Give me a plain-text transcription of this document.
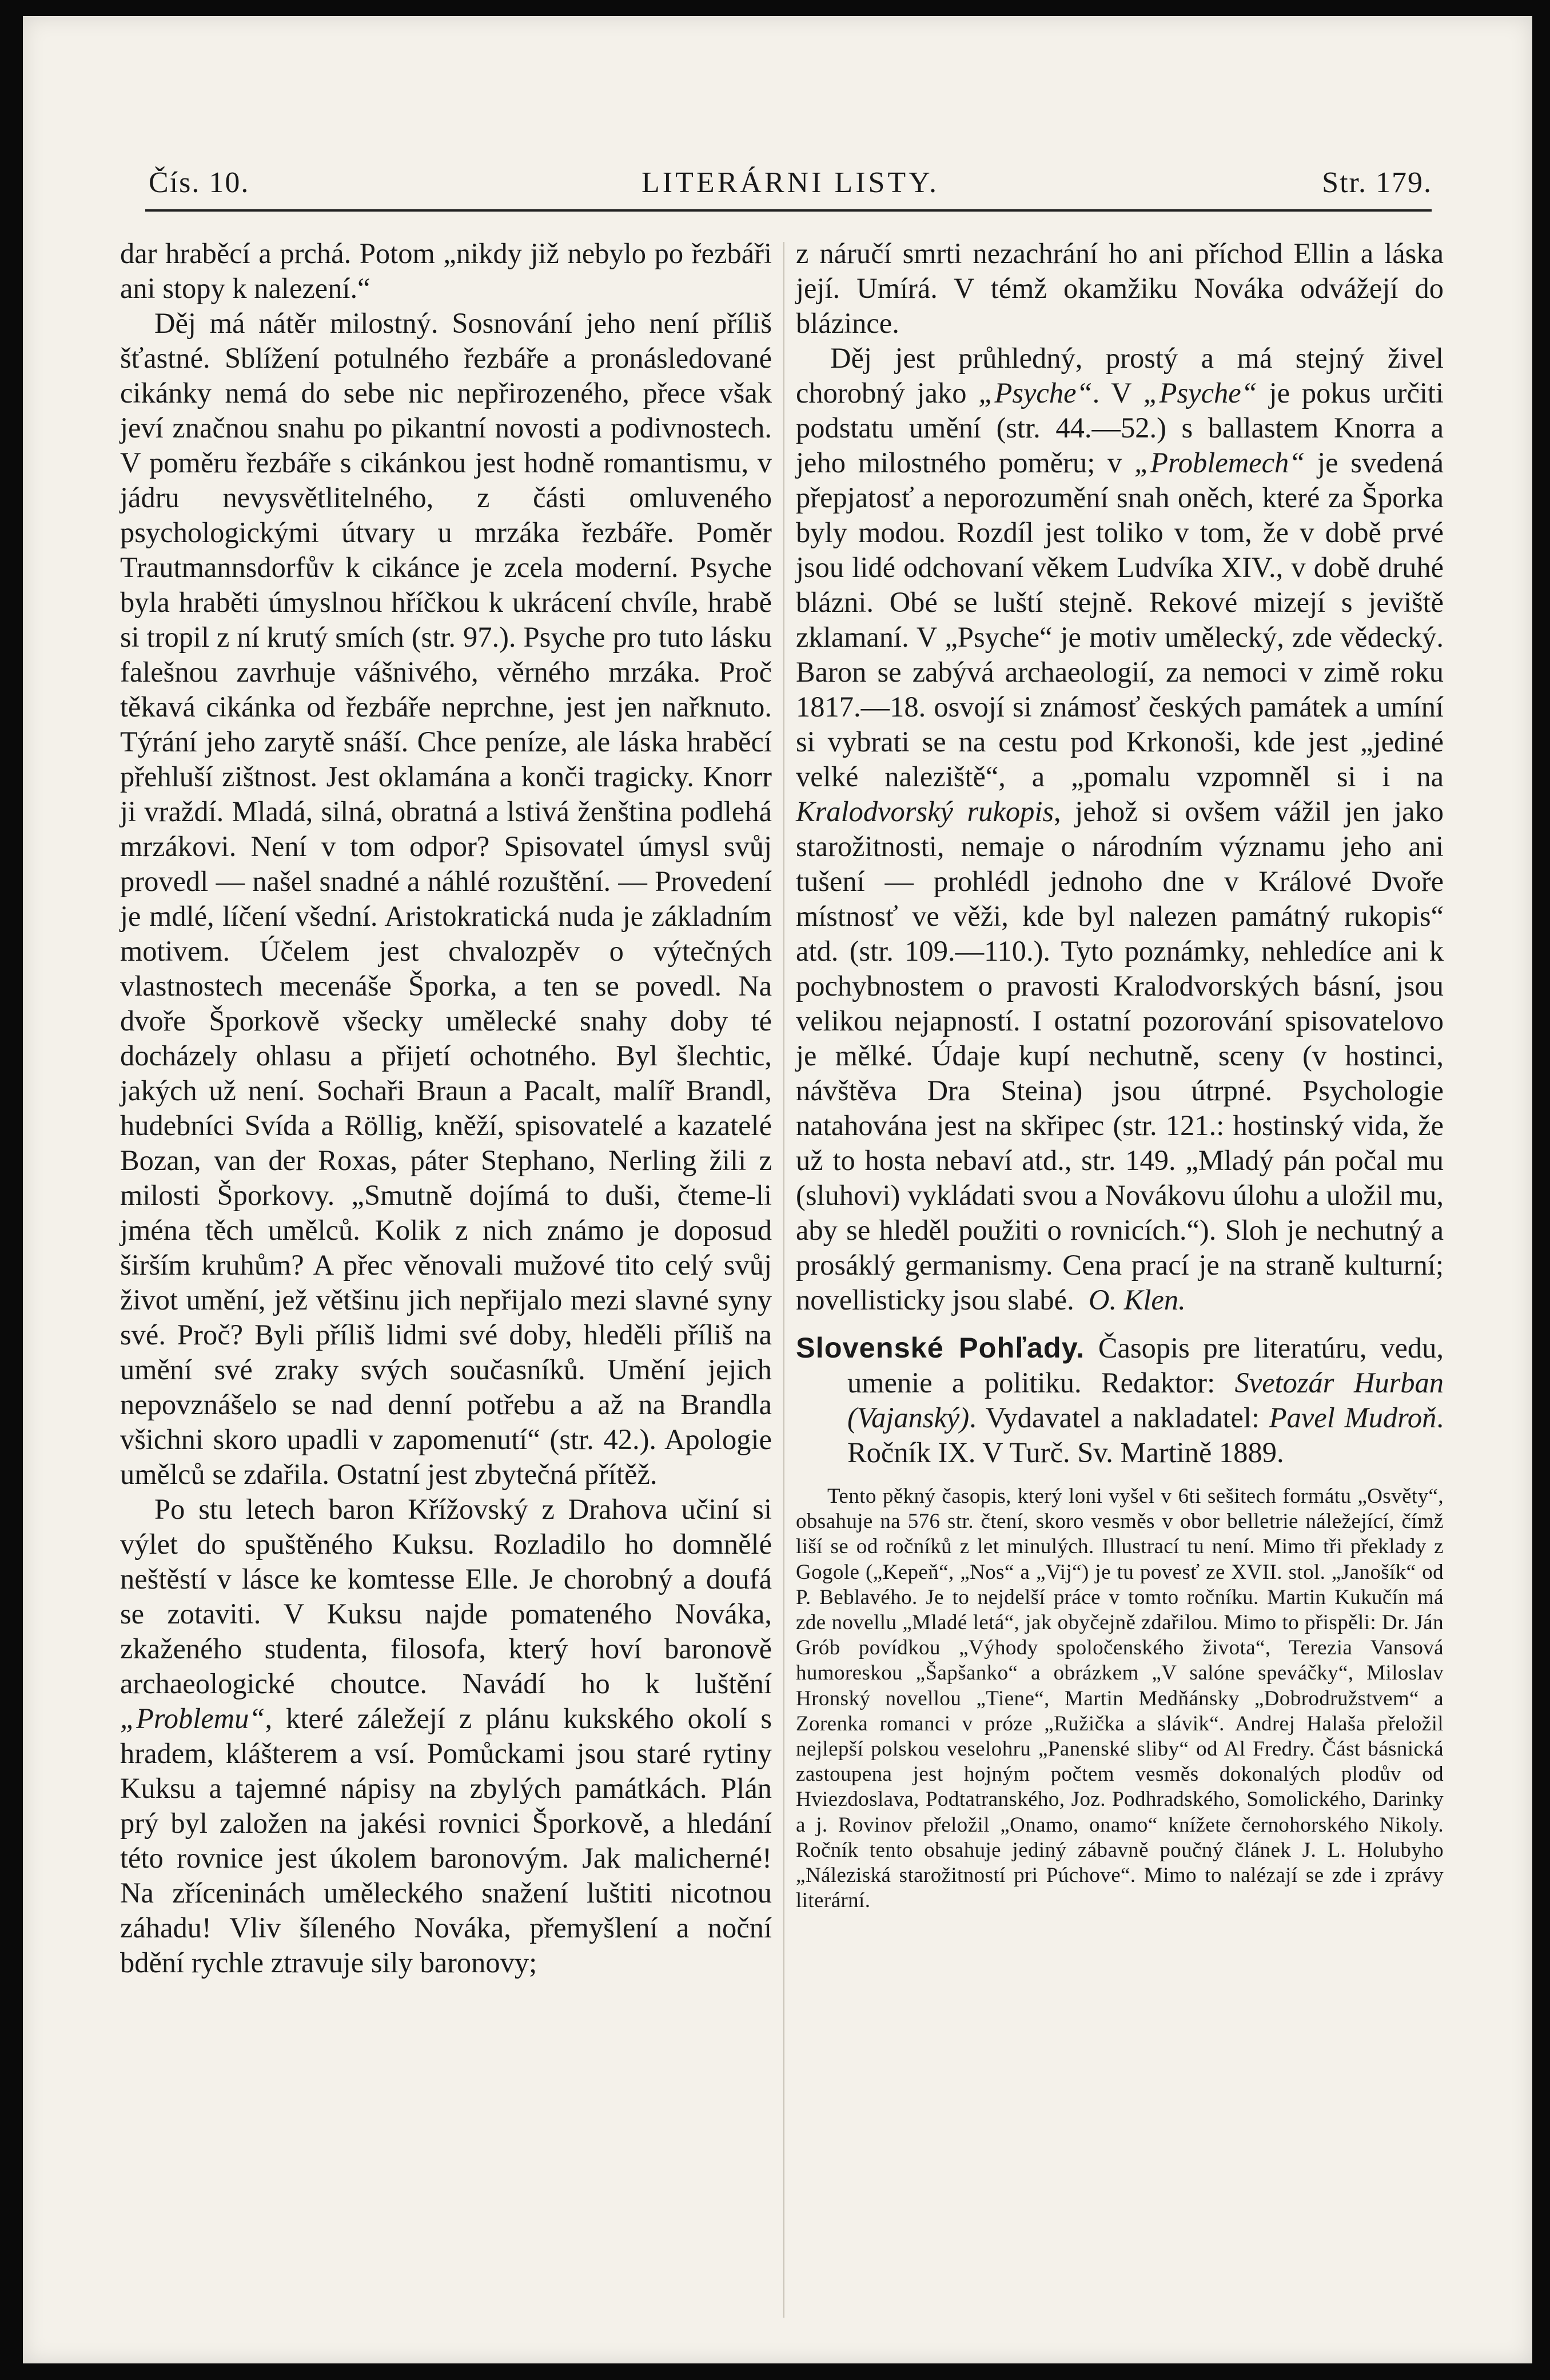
Čís. 10.	LITERÁRNI LISTY.	Str. 179.

dar hraběcí a prchá. Potom „nikdy již nebylo po řezbáři ani stopy k nalezení.“

Děj má nátěr milostný. Sosnování jeho není příliš šťastné. Sblížení potulného řezbáře a pronásledované cikánky nemá do sebe nic nepřirozeného, přece však jeví značnou snahu po pikantní novosti a podivnostech. V poměru řezbáře s cikánkou jest hodně romantismu, v jádru nevysvětlitelného, z části omluveného psychologickými útvary u mrzáka řezbáře. Poměr Trautmannsdorfův k cikánce je zcela moderní. Psyche byla hraběti úmyslnou hříčkou k ukrácení chvíle, hrabě si tropil z ní krutý smích (str. 97.). Psyche pro tuto lásku falešnou zavrhuje vášnivého, věrného mrzáka. Proč těkavá cikánka od řezbáře neprchne, jest jen nařknuto. Týrání jeho zarytě snáší. Chce peníze, ale láska hraběcí přehluší zištnost. Jest oklamána a konči tragicky. Knorr ji vraždí. Mladá, silná, obratná a lstivá ženština podlehá mrzákovi. Není v tom odpor? Spisovatel úmysl svůj provedl — našel snadné a náhlé rozuštění. — Provedení je mdlé, líčení všední. Aristokratická nuda je základním motivem. Účelem jest chvalozpěv o výtečných vlastnostech mecenáše Šporka, a ten se povedl. Na dvoře Šporkově všecky umělecké snahy doby té docházely ohlasu a přijetí ochotného. Byl šlechtic, jakých už není. Sochaři Braun a Pacalt, malíř Brandl, hudebníci Svída a Röllig, kněží, spisovatelé a kazatelé Bozan, van der Roxas, páter Stephano, Nerling žili z milosti Šporkovy. „Smutně dojímá to duši, čteme-li jména těch umělců. Kolik z nich známo je doposud širším kruhům? A přec věnovali mužové tito celý svůj život umění, jež většinu jich nepřijalo mezi slavné syny své. Proč? Byli příliš lidmi své doby, hleděli příliš na umění své zraky svých současníků. Umění jejich nepovznášelo se nad denní potřebu a až na Brandla všichni skoro upadli v zapomenutí“ (str. 42.). Apologie umělců se zdařila. Ostatní jest zbytečná přítěž.

Po stu letech baron Křížovský z Drahova učiní si výlet do spuštěného Kuksu. Rozladilo ho domnělé neštěstí v lásce ke komtesse Elle. Je chorobný a doufá se zotaviti. V Kuksu najde pomateného Nováka, zkaženého studenta, filosofa, který hoví baronově archaeologické choutce. Navádí ho k luštění „Problemu“, které záležejí z plánu kukského okolí s hradem, klášterem a vsí. Pomůckami jsou staré rytiny Kuksu a tajemné nápisy na zbylých památkách. Plán prý byl založen na jakési rovnici Šporkově, a hledání této rovnice jest úkolem baronovým. Jak malicherné! Na zříceninách uměleckého snažení luštiti nicotnou záhadu! Vliv šíleného Nováka, přemyšlení a noční bdění rychle ztravuje sily baronovy;

z náručí smrti nezachrání ho ani příchod Ellin a láska její. Umírá. V témž okamžiku Nováka odvážejí do blázince.

Děj jest průhledný, prostý a má stejný živel chorobný jako „Psyche“. V „Psyche“ je pokus určiti podstatu umění (str. 44.—52.) s ballastem Knorra a jeho milostného poměru; v „Problemech“ je svedená přepjatosť a neporozumění snah oněch, které za Šporka byly modou. Rozdíl jest toliko v tom, že v době prvé jsou lidé odchovaní věkem Ludvíka XIV., v době druhé blázni. Obé se luští stejně. Rekové mizejí s jeviště zklamaní. V „Psyche“ je motiv umělecký, zde vědecký. Baron se zabývá archaeologií, za nemoci v zimě roku 1817.—18. osvojí si známosť českých památek a umíní si vybrati se na cestu pod Krkonoši, kde jest „jediné velké naleziště“, a „pomalu vzpomněl si i na Kralodvorský rukopis, jehož si ovšem vážil jen jako starožitnosti, nemaje o národním významu jeho ani tušení — prohlédl jednoho dne v Králové Dvoře místnosť ve věži, kde byl nalezen památný rukopis“ atd. (str. 109.—110.). Tyto poznámky, nehledíce ani k pochybnostem o pravosti Kralodvorských básní, jsou velikou nejapností. I ostatní pozorování spisovatelovo je mělké. Údaje kupí nechutně, sceny (v hostinci, návštěva Dra Steina) jsou útrpné. Psychologie natahována jest na skřipec (str. 121.: hostinský vida, že už to hosta nebaví atd., str. 149. „Mladý pán počal mu (sluhovi) vykládati svou a Novákovu úlohu a uložil mu, aby se hleděl použiti o rovnicích.“). Sloh je nechutný a prosáklý germanismy. Cena prací je na straně kulturní; novellisticky jsou slabé. O. Klen.

Slovenské Pohľady. Časopis pre literatúru, vedu, umenie a politiku. Redaktor: Svetozár Hurban (Vajanský). Vydavatel a nakladatel: Pavel Mudroň. Ročník IX. V Turč. Sv. Martině 1889.

Tento pěkný časopis, který loni vyšel v 6ti sešitech formátu „Osvěty“, obsahuje na 576 str. čtení, skoro vesměs v obor belletrie náležející, čímž liší se od ročníků z let minulých. Illustrací tu není. Mimo tři překlady z Gogole („Kepeň“, „Nos“ a „Vij“) je tu povesť ze XVII. stol. „Janošík“ od P. Beblavého. Je to nejdelší práce v tomto ročníku. Martin Kukučín má zde novellu „Mladé letá“, jak obyčejně zdařilou. Mimo to přispěli: Dr. Ján Grób povídkou „Výhody spoločenského života“, Terezia Vansová humoreskou „Šapšanko“ a obrázkem „V salóne speváčky“, Miloslav Hronský novellou „Tiene“, Martin Medňánsky „Dobrodružstvem“ a Zorenka romanci v próze „Ružička a slávik“. Andrej Halaša přeložil nejlepší polskou veselohru „Panenské sliby“ od Al Fredry. Část básnická zastoupena jest hojným počtem vesměs dokonalých plodův od Hviezdoslava, Podtatranského, Joz. Podhradského, Somolického, Darinky a j. Rovinov přeložil „Onamo, onamo“ knížete černohorského Nikoly. Ročník tento obsahuje jediný zábavně poučný článek J. L. Holubyho „Náleziská starožitností pri Púchove“. Mimo to nalézají se zde i zprávy literární.
